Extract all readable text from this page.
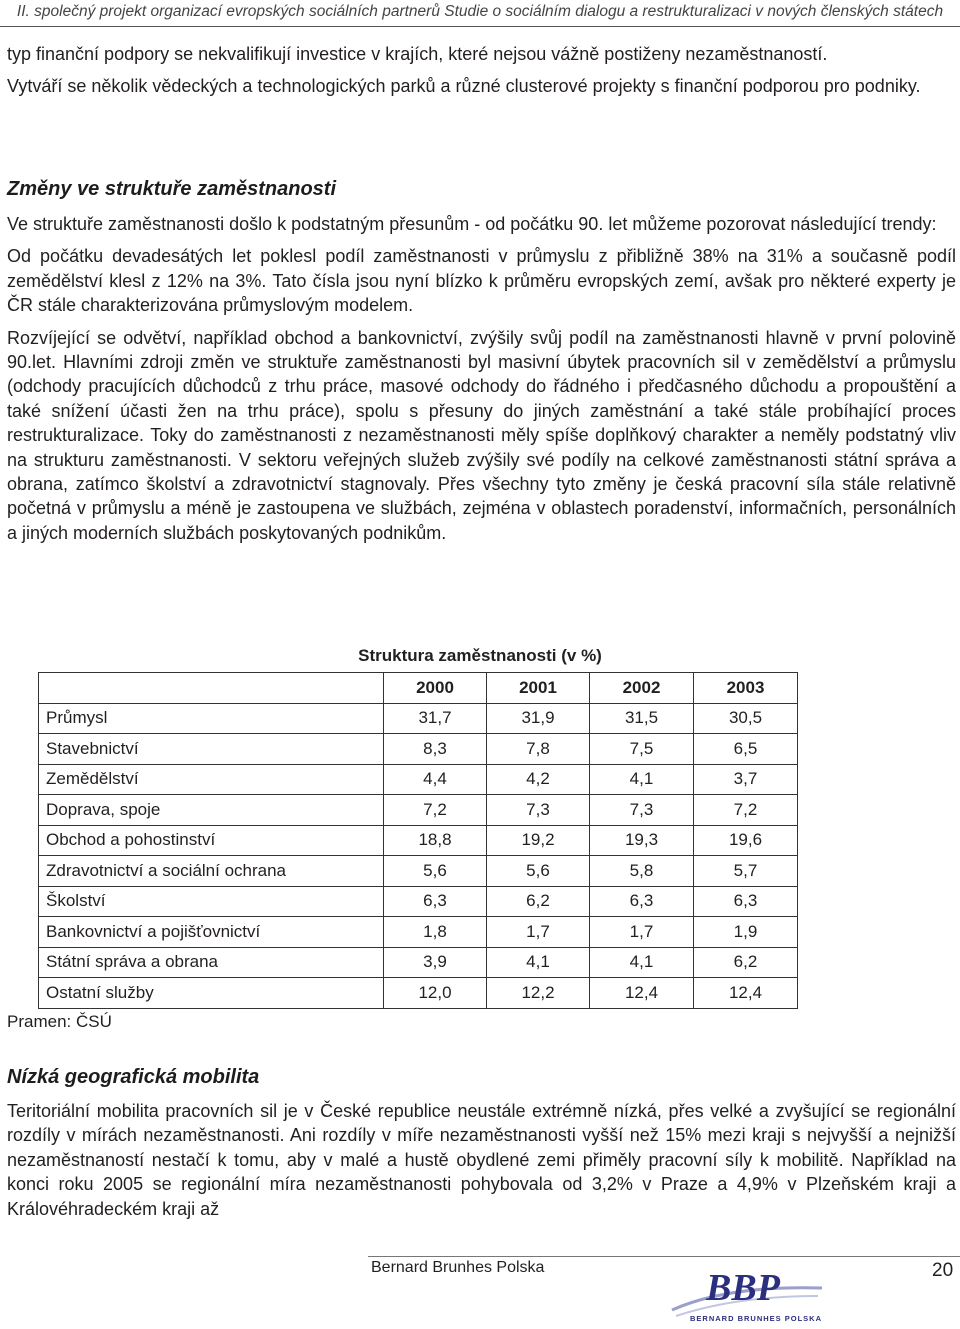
II. společný projekt organizací evropských sociálních partnerů Studie o sociálním dialogu a restrukturalizaci v nových členských státech

typ finanční podpory se nekvalifikují investice v krajích, které nejsou vážně postiženy nezaměstnaností.

Vytváří se několik vědeckých a technologických parků a různé clusterové projekty s finanční podporou pro podniky.

Změny ve struktuře zaměstnanosti

Ve struktuře zaměstnanosti došlo k podstatným přesunům - od počátku 90. let můžeme pozorovat následující trendy:

Od počátku devadesátých let poklesl podíl zaměstnanosti v průmyslu z přibližně 38% na 31% a současně podíl zemědělství klesl z 12% na 3%. Tato čísla jsou nyní blízko k průměru evropských zemí, avšak pro některé experty je ČR stále charakterizována průmyslovým modelem.

Rozvíjející se odvětví, například obchod a bankovnictví, zvýšily svůj podíl na zaměstnanosti hlavně v první polovině 90.let. Hlavními zdroji změn ve struktuře zaměstnanosti byl masivní úbytek pracovních sil v zemědělství a průmyslu (odchody pracujících důchodců z trhu práce, masové odchody do řádného i předčasného důchodu a propouštění a také snížení účasti žen na trhu práce), spolu s přesuny do jiných zaměstnání a také stále probíhající proces restrukturalizace. Toky do zaměstnanosti z nezaměstnanosti měly spíše doplňkový charakter a neměly podstatný vliv na strukturu zaměstnanosti. V sektoru veřejných služeb zvýšily své podíly na celkové zaměstnanosti státní správa a obrana, zatímco školství a zdravotnictví stagnovaly. Přes všechny tyto změny je česká pracovní síla stále relativně početná v průmyslu a méně je zastoupena ve službách, zejména v oblastech poradenství, informačních, personálních a jiných moderních službách poskytovaných podnikům.

Struktura zaměstnanosti (v %)
	2000	2001	2002	2003
Průmysl	31,7	31,9	31,5	30,5
Stavebnictví	8,3	7,8	7,5	6,5
Zemědělství	4,4	4,2	4,1	3,7
Doprava, spoje	7,2	7,3	7,3	7,2
Obchod a pohostinství	18,8	19,2	19,3	19,6
Zdravotnictví a sociální ochrana	5,6	5,6	5,8	5,7
Školství	6,3	6,2	6,3	6,3
Bankovnictví a pojišťovnictví	1,8	1,7	1,7	1,9
Státní správa a obrana	3,9	4,1	4,1	6,2
Ostatní služby	12,0	12,2	12,4	12,4
Pramen: ČSÚ
Nízká geografická mobilita

Teritoriální mobilita pracovních sil je v České republice neustále extrémně nízká, přes velké a zvyšující se regionální rozdíly v mírách nezaměstnanosti. Ani rozdíly v míře nezaměstnanosti vyšší než 15% mezi kraji s nejvyšší a nejnižší nezaměstnaností nestačí k tomu, aby v malé a hustě obydlené zemi přiměly pracovní síly k mobilitě. Například na konci roku 2005 se regionální míra nezaměstnanosti pohybovala od 3,2% v Praze a 4,9% v Plzeňském kraji a Královéhradeckém kraji až

Bernard Brunhes Polska	20
BBP
BERNARD BRUNHES POLSKA
